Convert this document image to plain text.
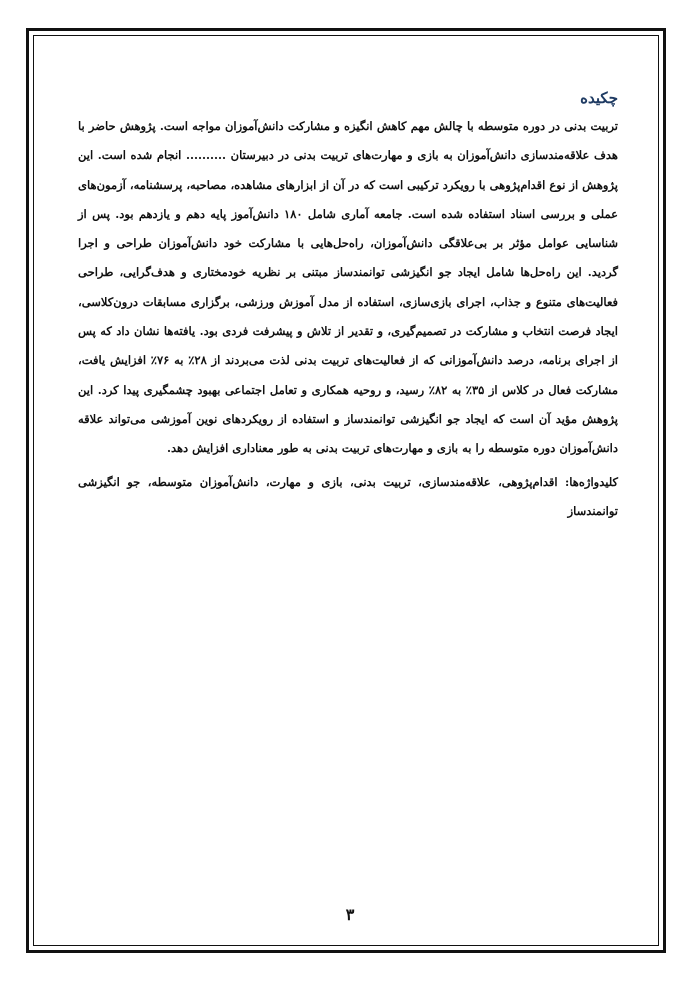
چکیده

تربیت بدنی در دوره متوسطه با چالش مهم کاهش انگیزه و مشارکت دانش‌آموزان مواجه است. پژوهش حاضر با هدف علاقه‌مندسازی دانش‌آموزان به بازی و مهارت‌های تربیت بدنی در دبیرستان .......... انجام شده است. این پژوهش از نوع اقدام‌پژوهی با رویکرد ترکیبی است که در آن از ابزارهای مشاهده، مصاحبه، پرسشنامه، آزمون‌های عملی و بررسی اسناد استفاده شده است. جامعه آماری شامل ۱۸۰ دانش‌آموز پایه دهم و یازدهم بود. پس از شناسایی عوامل مؤثر بر بی‌علاقگی دانش‌آموزان، راه‌حل‌هایی با مشارکت خود دانش‌آموزان طراحی و اجرا گردید. این راه‌حل‌ها شامل ایجاد جو انگیزشی توانمندساز مبتنی بر نظریه خودمختاری و هدف‌گرایی، طراحی فعالیت‌های متنوع و جذاب، اجرای بازی‌سازی، استفاده از مدل آموزش ورزشی، برگزاری مسابقات درون‌کلاسی، ایجاد فرصت انتخاب و مشارکت در تصمیم‌گیری، و تقدیر از تلاش و پیشرفت فردی بود. یافته‌ها نشان داد که پس از اجرای برنامه، درصد دانش‌آموزانی که از فعالیت‌های تربیت بدنی لذت می‌بردند از ۲۸٪ به ۷۶٪ افزایش یافت، مشارکت فعال در کلاس از ۳۵٪ به ۸۲٪ رسید، و روحیه همکاری و تعامل اجتماعی بهبود چشمگیری پیدا کرد. این پژوهش مؤید آن است که ایجاد جو انگیزشی توانمندساز و استفاده از رویکردهای نوین آموزشی می‌تواند علاقه دانش‌آموزان دوره متوسطه را به بازی و مهارت‌های تربیت بدنی به طور معناداری افزایش دهد.

کلیدواژه‌ها: اقدام‌پژوهی، علاقه‌مندسازی، تربیت بدنی، بازی و مهارت، دانش‌آموزان متوسطه، جو انگیزشی توانمندساز

۳
